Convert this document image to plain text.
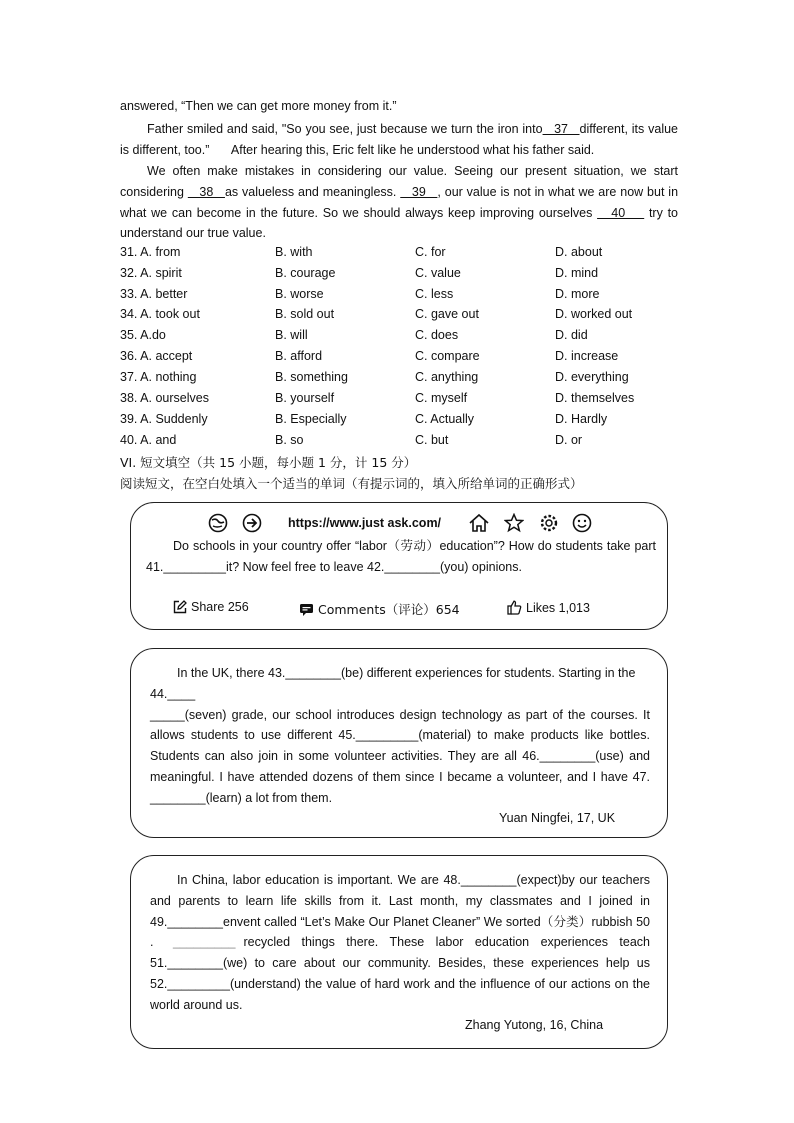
answered, “Then we can get more money from it.”

Father smiled and said, "So you see, just because we turn the iron into   37   different, its value is different, too.” After hearing this, Eric felt like he understood what his father said.

We often make mistakes in considering our value. Seeing our present situation, we start considering    38   as valueless and meaningless.    39   , our value is not in what we are now but in what we can become in the future. So we should always keep improving ourselves    40     try to understand our true value.

31. A. from	B. with	C. for	D. about
32. A. spirit	B. courage	C. value	D. mind
33. A. better	B. worse	C. less	D. more
34. A. took out	B. sold out	C. gave out	D. worked out
35. A.do	B. will	C. does	D. did
36. A. accept	B. afford	C. compare	D. increase
37. A. nothing	B. something	C. anything	D. everything
38. A. ourselves	B. yourself	C. myself	D. themselves
39. A. Suddenly	B. Especially	C. Actually	D. Hardly
40. A. and	B. so	C. but	D. or
VI. 短文填空（共 15 小题，每小题 1 分，计 15 分）
阅读短文，在空白处填入一个适当的单词（有提示词的，填入所给单词的正确形式）
https://www.just ask.com/

Do schools in your country offer “labor（劳动）education”? How do students take part 41._________it? Now feel free to leave 42.________(you) opinions.

Share 256	Comments（评论）654	Likes 1,013

In the UK, there 43.________(be) different experiences for students. Starting in the

44.____

_____(seven) grade, our school introduces design technology as part of the courses. It allows students to use different 45._________(material) to make products like bottles. Students can also join in some volunteer activities. They are all 46.________(use) and meaningful. I have attended dozens of them since I became a volunteer, and I have 47. ________(learn) a lot from them.

Yuan Ningfei, 17, UK

In China, labor education is important. We are 48.________(expect)by our teachers and parents to learn life skills from it. Last month, my classmates and I joined in 49.________envent called “Let’s Make Our Planet Cleaner” We sorted（分类）rubbish 50 . _________ recycled things there. These labor education experiences teach 51.________(we) to care about our community. Besides, these experiences help us 52._________(understand) the value of hard work and the influence of our actions on the world around us.

Zhang Yutong, 16, China
